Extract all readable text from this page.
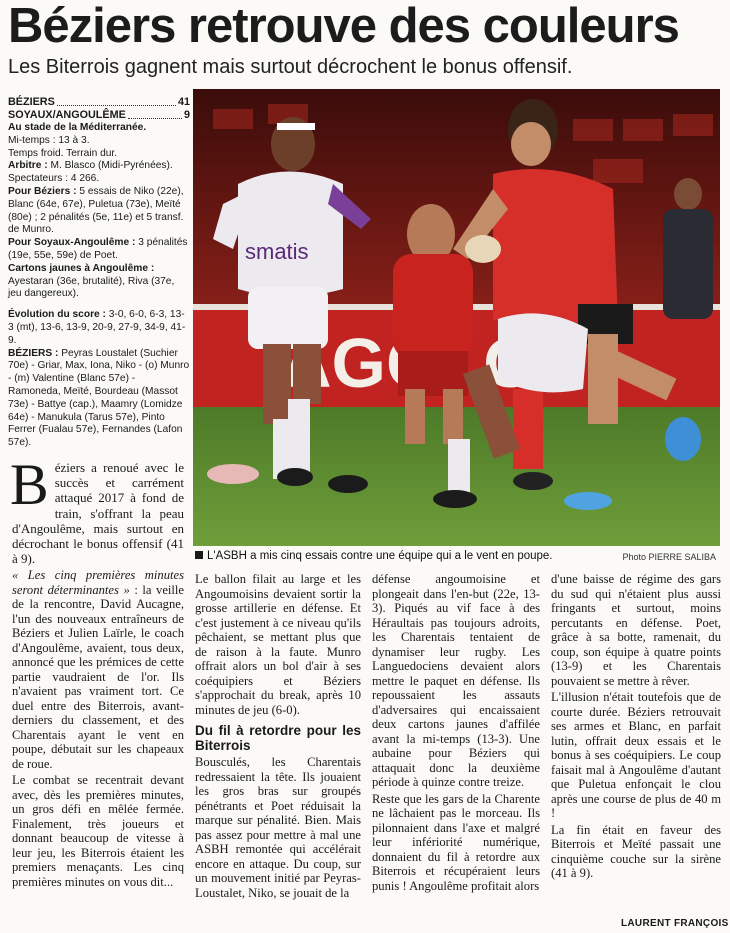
Béziers retrouve des couleurs
Les Biterrois gagnent mais surtout décrochent le bonus offensif.
BÉZIERS	41
SOYAUX/ANGOULÊME	9

Au stade de la Méditerranée.

Mi-temps : 13 à 3.

Temps froid. Terrain dur.

Arbitre : M. Blasco (Midi-Pyrénées).

Spectateurs : 4 266.

Pour Béziers : 5 essais de Niko (22e), Blanc (64e, 67e), Puletua (73e), Meïté (80e) ; 2 pénalités (5e, 11e) et 5 transf. de Munro.

Pour Soyaux-Angoulême : 3 pénalités (19e, 55e, 59e) de Poet.

Cartons jaunes à Angoulême : Ayestaran (36e, brutalité), Riva (37e, jeu dangereux).

Évolution du score : 3-0, 6-0, 6-3, 13-3 (mt), 13-6, 13-9, 20-9, 27-9, 34-9, 41-9.

BÉZIERS : Peyras Loustalet (Suchier 70e) - Griar, Max, Iona, Niko - (o) Munro - (m) Valentine (Blanc 57e) - Ramoneda, Meïté, Bourdeau (Massot 73e) - Battye (cap.), Maamry (Lomidze 64e) - Manukula (Tarus 57e), Pinto Ferrer (Fualau 57e), Fernandes (Lafon 57e).

smatis
L'ASBH a mis cinq essais contre une équipe qui a le vent en poupe.	Photo PIERRE SALIBA

Béziers a renoué avec le succès et carrément attaqué 2017 à fond de train, s'offrant la peau d'Angoulême, mais surtout en décrochant le bonus offensif (41 à 9).

« Les cinq premières minutes seront déterminantes » : la veille de la rencontre, David Aucagne, l'un des nouveaux entraîneurs de Béziers et Julien Laïrle, le coach d'Angoulême, avaient, tous deux, annoncé que les prémices de cette partie vaudraient de l'or. Ils n'avaient pas vraiment tort. Ce duel entre des Biterrois, avant-derniers du classement, et des Charentais ayant le vent en poupe, débutait sur les chapeaux de roue.

Le combat se recentrait devant avec, dès les premières minutes, un gros défi en mêlée fermée. Finalement, très joueurs et donnant beaucoup de vitesse à leur jeu, les Biterrois étaient les premiers menaçants. Les cinq premières minutes on vous dit...

Le ballon filait au large et les Angoumoisins devaient sortir la grosse artillerie en défense. Et c'est justement à ce niveau qu'ils pêchaient, se mettant plus que de raison à la faute. Munro offrait alors un bol d'air à ses coéquipiers et Béziers s'approchait du break, après 10 minutes de jeu (6-0).

Du fil à retordre pour les Biterrois

Bousculés, les Charentais redressaient la tête. Ils jouaient les gros bras sur groupés pénétrants et Poet réduisait la marque sur pénalité. Bien. Mais pas assez pour mettre à mal une ASBH remontée qui accélérait encore en attaque. Du coup, sur un mouvement initié par Peyras-Loustalet, Niko, se jouait de la

défense angoumoisine et plongeait dans l'en-but (22e, 13-3). Piqués au vif face à des Héraultais pas toujours adroits, les Charentais tentaient de dynamiser leur rugby. Les Languedociens devaient alors mettre le paquet en défense. Ils repoussaient les assauts d'adversaires qui encaissaient deux cartons jaunes d'affilée avant la mi-temps (13-3). Une aubaine pour Béziers qui attaquait donc la deuxième période à quinze contre treize.

Reste que les gars de la Charente ne lâchaient pas le morceau. Ils pilonnaient dans l'axe et malgré leur infériorité numérique, donnaient du fil à retordre aux Biterrois et récupéraient leurs punis ! Angoulême profitait alors

d'une baisse de régime des gars du sud qui n'étaient plus aussi fringants et surtout, moins percutants en défense. Poet, grâce à sa botte, ramenait, du coup, son équipe à quatre points (13-9) et les Charentais pouvaient se mettre à rêver.

L'illusion n'était toutefois que de courte durée. Béziers retrouvait ses armes et Blanc, en parfait lutin, offrait deux essais et le bonus à ses coéquipiers. Le coup faisait mal à Angoulême d'autant que Puletua enfonçait le clou après une course de plus de 40 m !

La fin était en faveur des Biterrois et Meïté passait une cinquième couche sur la sirène (41 à 9).

LAURENT FRANÇOIS
